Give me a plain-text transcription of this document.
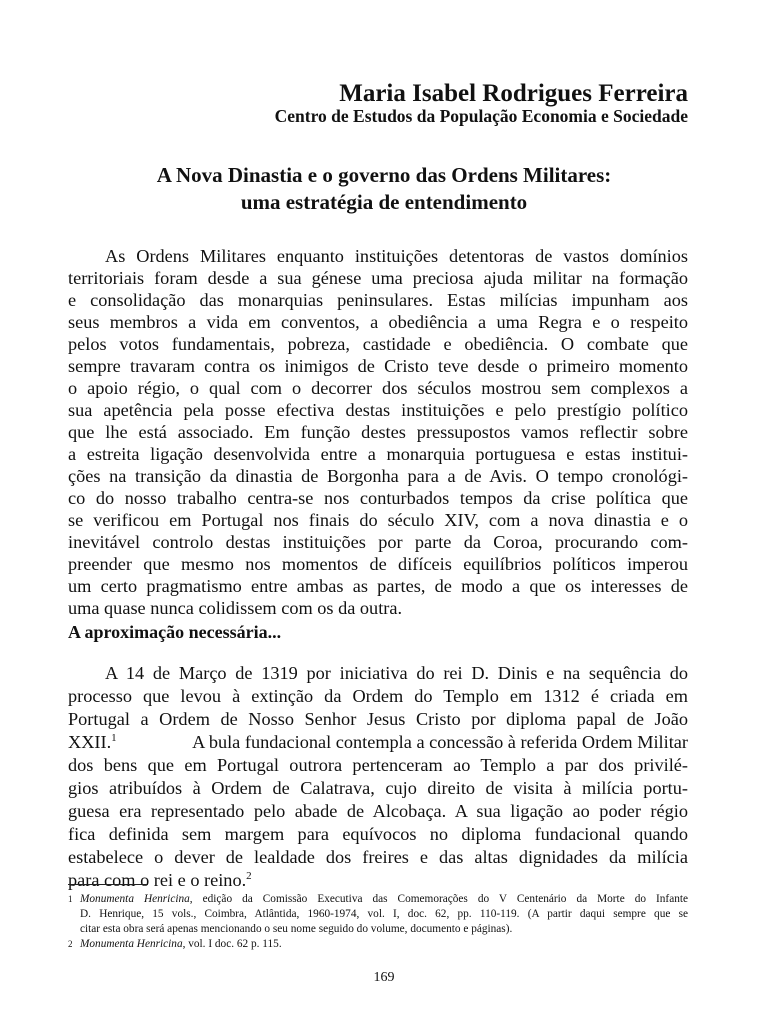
Maria Isabel Rodrigues Ferreira
Centro de Estudos da População Economia e Sociedade
A Nova Dinastia e o governo das Ordens Militares:
uma estratégia de entendimento
As Ordens Militares enquanto instituições detentoras de vastos domínios
territoriais foram desde a sua génese uma preciosa ajuda militar na formação
e consolidação das monarquias peninsulares. Estas milícias impunham aos
seus membros a vida em conventos, a obediência a uma Regra e o respeito
pelos votos fundamentais, pobreza, castidade e obediência. O combate que
sempre travaram contra os inimigos de Cristo teve desde o primeiro momento
o apoio régio, o qual com o decorrer dos séculos mostrou sem complexos a
sua apetência pela posse efectiva destas instituições e pelo prestígio político
que lhe está associado. Em função destes pressupostos vamos reflectir sobre
a estreita ligação desenvolvida entre a monarquia portuguesa e estas institui-
ções na transição da dinastia de Borgonha para a de Avis. O tempo cronológi-
co do nosso trabalho centra-se nos conturbados tempos da crise política que
se verificou em Portugal nos finais do século XIV, com a nova dinastia e o
inevitável controlo destas instituições por parte da Coroa, procurando com-
preender que mesmo nos momentos de difíceis equilíbrios políticos imperou
um certo pragmatismo entre ambas as partes, de modo a que os interesses de
uma quase nunca colidissem com os da outra.
A aproximação necessária...
A 14 de Março de 1319 por iniciativa do rei D. Dinis e na sequência do
processo que levou à extinção da Ordem do Templo em 1312 é criada em
Portugal a Ordem de Nosso Senhor Jesus Cristo por diploma papal de João
XXII.$^1$	A bula fundacional contempla a concessão à referida Ordem Militar
dos bens que em Portugal outrora pertenceram ao Templo a par dos privilé-
gios atribuídos à Ordem de Calatrava, cujo direito de visita à milícia portu-
guesa era representado pelo abade de Alcobaça. A sua ligação ao poder régio
fica definida sem margem para equívocos no diploma fundacional quando
estabelece o dever de lealdade dos freires e das altas dignidades da milícia
para com o rei e o reino.$^2$
1 Monumenta Henricina, edição da Comissão Executiva das Comemorações do V Centenário da Morte do Infante
D. Henrique, 15 vols., Coimbra, Atlântida, 1960-1974, vol. I, doc. 62, pp. 110-119. (A partir daqui sempre que se
citar esta obra será apenas mencionando o seu nome seguido do volume, documento e páginas).
2 Monumenta Henricina, vol. I doc. 62 p. 115.
169
